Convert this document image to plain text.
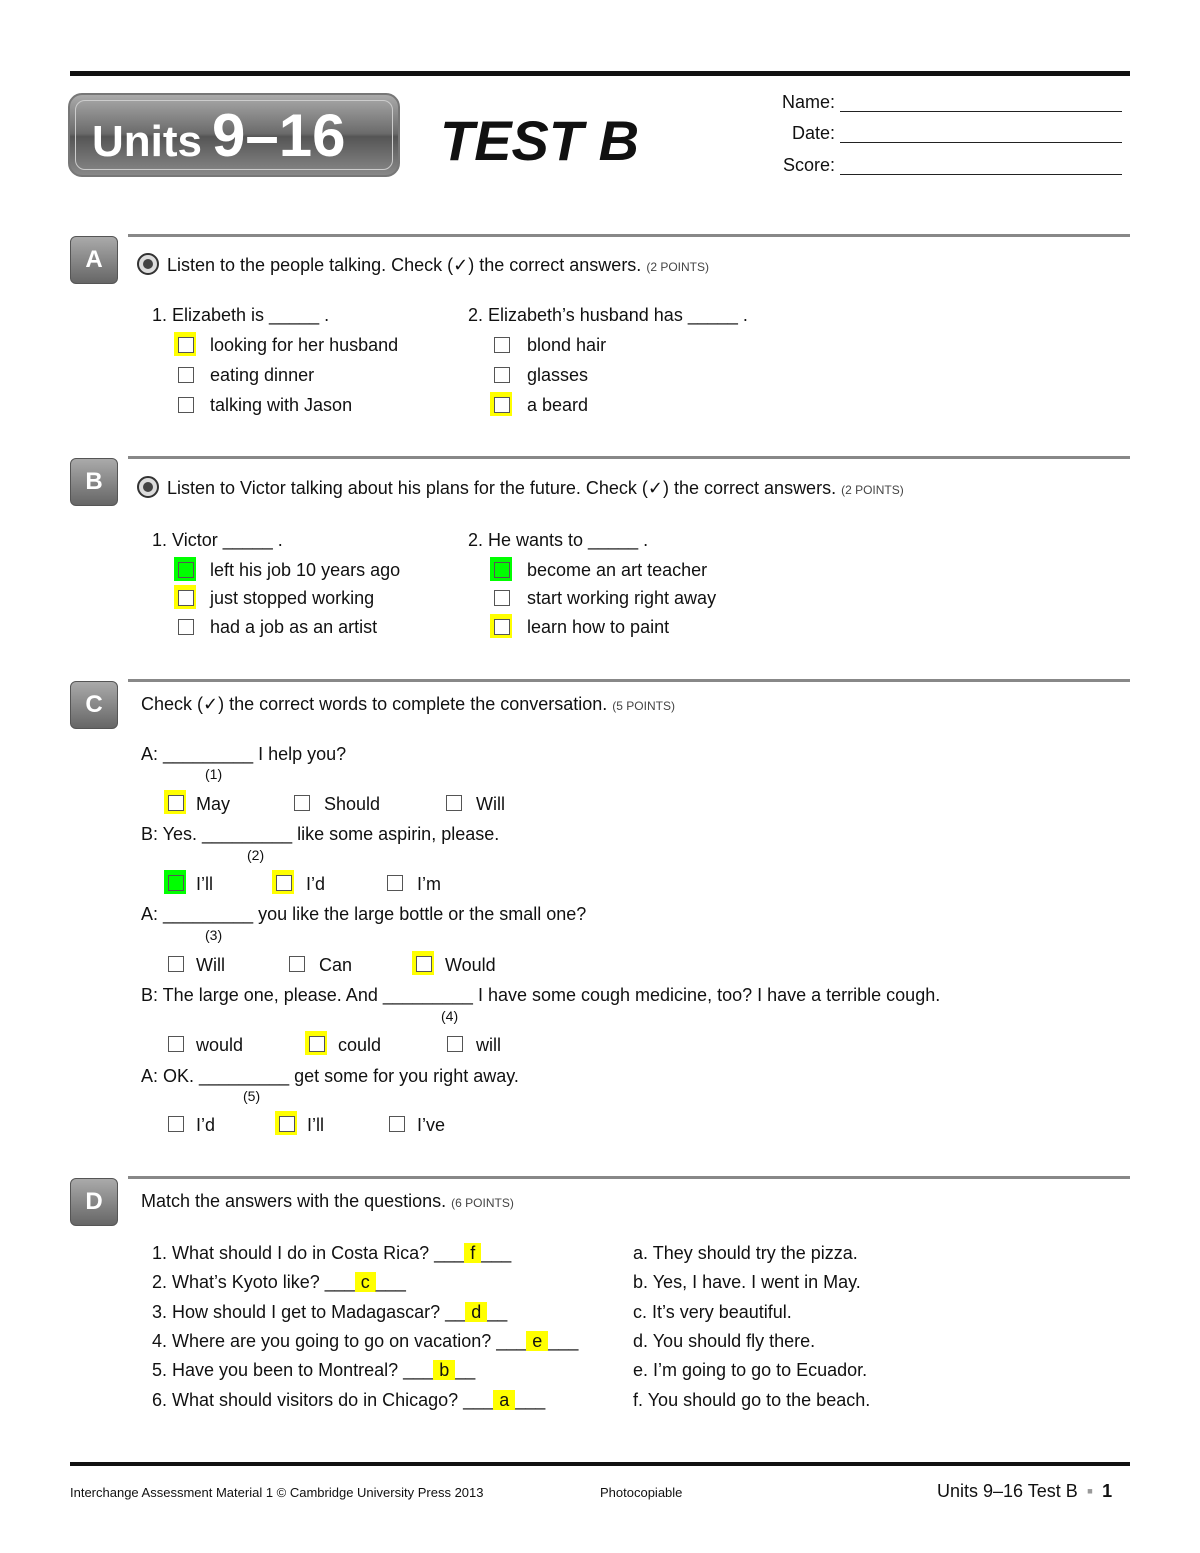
Units 9–16 TEST B
Name:
Date:
Score:
A	Listen to the people talking. Check (✓) the correct answers. (2 POINTS)
1. Elizabeth is _____ .
looking for her husband
eating dinner
talking with Jason
2. Elizabeth’s husband has _____ .
blond hair
glasses
a beard
B	Listen to Victor talking about his plans for the future. Check (✓) the correct answers. (2 POINTS)
1. Victor _____ .
left his job 10 years ago
just stopped working
had a job as an artist
2. He wants to _____ .
become an art teacher
start working right away
learn how to paint
C	Check (✓) the correct words to complete the conversation. (5 POINTS)
A: _________ I help you?
(1)
May	Should	Will
B: Yes. _________ like some aspirin, please.
(2)
I’ll	I’d	I’m
A: _________ you like the large bottle or the small one?
(3)
Will	Can	Would
B: The large one, please. And _________ I have some cough medicine, too? I have a terrible cough.
(4)
would	could	will
A: OK. _________ get some for you right away.
(5)
I’d	I’ll	I’ve
D	Match the answers with the questions. (6 POINTS)
1. What should I do in Costa Rica? ___ f ___
2. What’s Kyoto like? ___ c ___
3. How should I get to Madagascar? __ d __
4. Where are you going to go on vacation? ___ e ___
5. Have you been to Montreal? ___ b __
6. What should visitors do in Chicago? ___ a ___
a. They should try the pizza.
b. Yes, I have. I went in May.
c. It’s very beautiful.
d. You should fly there.
e. I’m going to go to Ecuador.
f. You should go to the beach.
Interchange Assessment Material 1 © Cambridge University Press 2013	Photocopiable	Units 9–16 Test B ▪ 1
